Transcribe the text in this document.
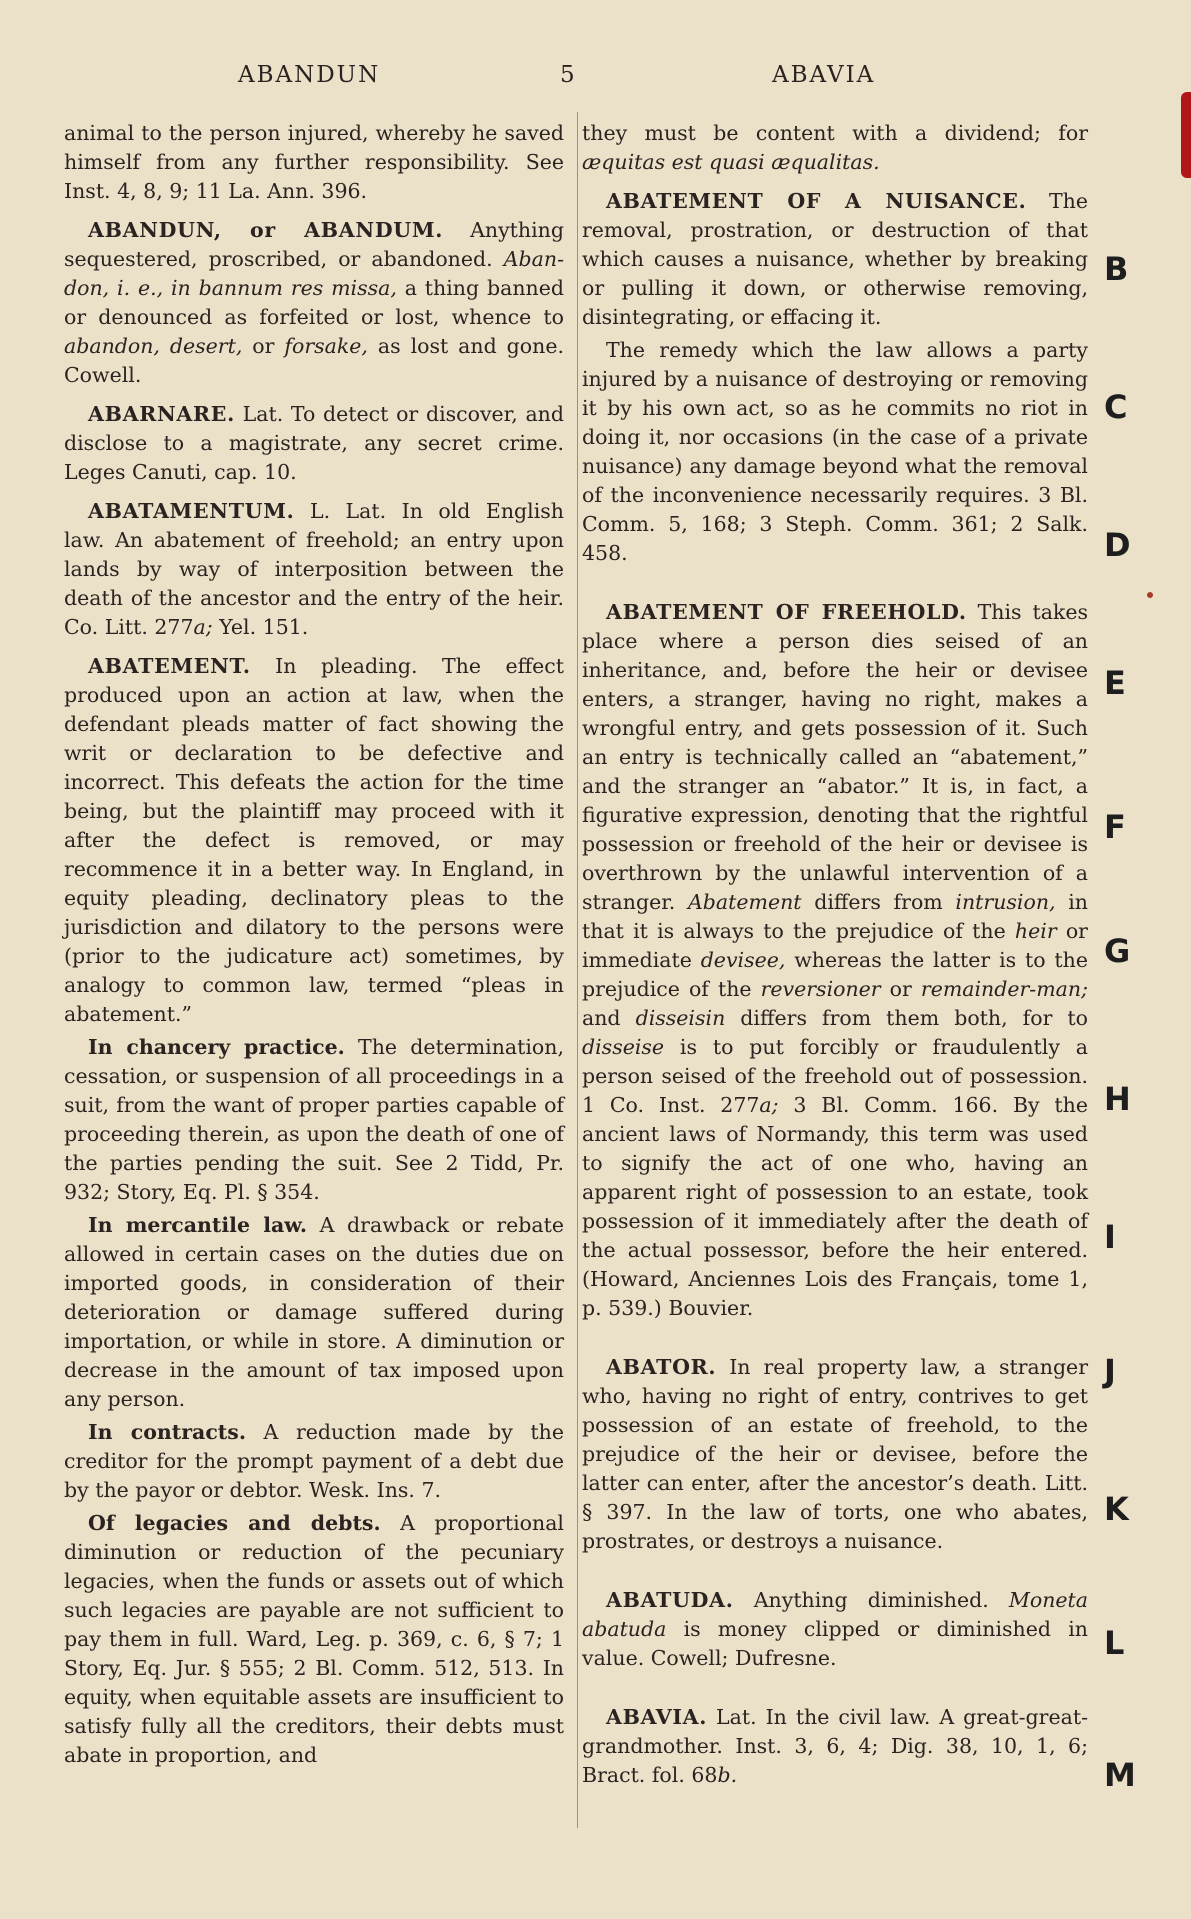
ABANDUN	5	ABAVIA

animal to the person injured, whereby he saved himself from any further responsibility. See Inst. 4, 8, 9; 11 La. Ann. 396.

ABANDUN, or ABANDUM. Anything sequestered, proscribed, or abandoned. Aban-don, i. e., in bannum res missa, a thing banned or denounced as forfeited or lost, whence to abandon, desert, or forsake, as lost and gone. Cowell.

ABARNARE. Lat. To detect or discover, and disclose to a magistrate, any secret crime. Leges Canuti, cap. 10.

ABATAMENTUM. L. Lat. In old English law. An abatement of freehold; an entry upon lands by way of interposition between the death of the ancestor and the entry of the heir. Co. Litt. 277a; Yel. 151.

ABATEMENT. In pleading. The effect produced upon an action at law, when the defendant pleads matter of fact showing the writ or declaration to be defective and incorrect. This defeats the action for the time being, but the plaintiff may proceed with it after the defect is removed, or may recommence it in a better way. In England, in equity pleading, declinatory pleas to the jurisdiction and dilatory to the persons were (prior to the judicature act) sometimes, by analogy to common law, termed “pleas in abatement.”

In chancery practice. The determination, cessation, or suspension of all proceedings in a suit, from the want of proper parties capable of proceeding therein, as upon the death of one of the parties pending the suit. See 2 Tidd, Pr. 932; Story, Eq. Pl. § 354.

In mercantile law. A drawback or rebate allowed in certain cases on the duties due on imported goods, in consideration of their deterioration or damage suffered during importation, or while in store. A diminution or decrease in the amount of tax imposed upon any person.

In contracts. A reduction made by the creditor for the prompt payment of a debt due by the payor or debtor. Wesk. Ins. 7.

Of legacies and debts. A proportional diminution or reduction of the pecuniary legacies, when the funds or assets out of which such legacies are payable are not sufficient to pay them in full. Ward, Leg. p. 369, c. 6, § 7; 1 Story, Eq. Jur. § 555; 2 Bl. Comm. 512, 513. In equity, when equitable assets are insufficient to satisfy fully all the creditors, their debts must abate in proportion, and

they must be content with a dividend; for æquitas est quasi æqualitas.

ABATEMENT OF A NUISANCE. The removal, prostration, or destruction of that which causes a nuisance, whether by breaking or pulling it down, or otherwise removing, disintegrating, or effacing it.

The remedy which the law allows a party injured by a nuisance of destroying or removing it by his own act, so as he commits no riot in doing it, nor occasions (in the case of a private nuisance) any damage beyond what the removal of the inconvenience necessarily requires. 3 Bl. Comm. 5, 168; 3 Steph. Comm. 361; 2 Salk. 458.

ABATEMENT OF FREEHOLD. This takes place where a person dies seised of an inheritance, and, before the heir or devisee enters, a stranger, having no right, makes a wrongful entry, and gets possession of it. Such an entry is technically called an “abatement,” and the stranger an “abator.” It is, in fact, a figurative expression, denoting that the rightful possession or freehold of the heir or devisee is overthrown by the unlawful intervention of a stranger. Abatement differs from intrusion, in that it is always to the prejudice of the heir or immediate devisee, whereas the latter is to the prejudice of the reversioner or remainder-man; and disseisin differs from them both, for to disseise is to put forcibly or fraudulently a person seised of the freehold out of possession. 1 Co. Inst. 277a; 3 Bl. Comm. 166. By the ancient laws of Normandy, this term was used to signify the act of one who, having an apparent right of possession to an estate, took possession of it immediately after the death of the actual possessor, before the heir entered. (Howard, Anciennes Lois des Français, tome 1, p. 539.) Bouvier.

ABATOR. In real property law, a stranger who, having no right of entry, contrives to get possession of an estate of freehold, to the prejudice of the heir or devisee, before the latter can enter, after the ancestor’s death. Litt. § 397. In the law of torts, one who abates, prostrates, or destroys a nuisance.

ABATUDA. Anything diminished. Moneta abatuda is money clipped or diminished in value. Cowell; Dufresne.

ABAVIA. Lat. In the civil law. A great-great-grandmother. Inst. 3, 6, 4; Dig. 38, 10, 1, 6; Bract. fol. 68b.

B
C
D
E
F
G
H
I
J
K
L
M
